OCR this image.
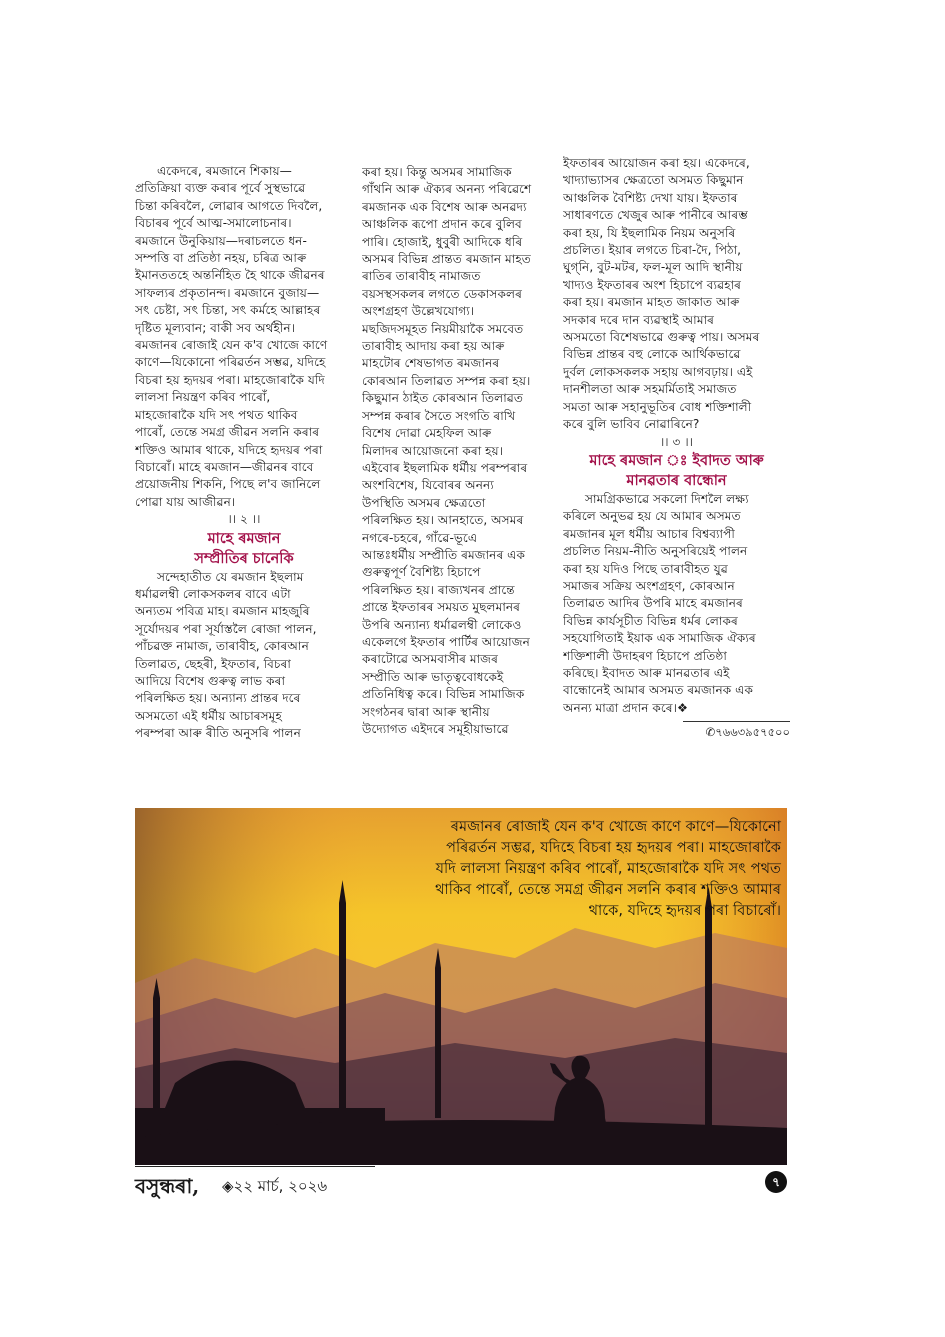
একেদৰে, ৰমজানে শিকায়—
প্ৰতিক্ৰিয়া ব্যক্ত কৰাৰ পূৰ্বে সুস্থভাৱে
চিন্তা কৰিবলৈ, লোৱাৰ আগতে দিবলৈ,
বিচাৰৰ পূৰ্বে আত্ম-সমালোচনাৰ।
ৰমজানে উনুকিয়ায়—দৰাচলতে ধন-
সম্পত্তি বা প্ৰতিষ্ঠা নহয়, চৰিত্ৰ আৰু
ইমানততহে অন্তৰ্নিহিত হৈ থাকে জীৱনৰ
সাফল্যৰ প্ৰকৃতানন্দ। ৰমজানে বুজায়—
সৎ চেষ্টা, সৎ চিন্তা, সৎ কৰ্মহে আল্লাহৰ
দৃষ্টিত মূল্যবান; বাকী সব অৰ্থহীন।
ৰমজানৰ ৰোজাই যেন ক'ব খোজে কাণে
কাণে—যিকোনো পৰিৱৰ্তন সম্ভৱ, যদিহে
বিচৰা হয় হৃদয়ৰ পৰা। মাহজোৰাকৈ যদি
লালসা নিয়ন্ত্ৰণ কৰিব পাৰোঁ,
মাহজোৰাকৈ যদি সৎ পথত থাকিব
পাৰোঁ, তেন্তে সমগ্ৰ জীৱন সলনি কৰাৰ
শক্তিও আমাৰ থাকে, যদিহে হৃদয়ৰ পৰা
বিচাৰোঁ। মাহে ৰমজান—জীৱনৰ বাবে
প্ৰয়োজনীয় শিকনি, পিছে ল'ব জানিলে
পোৱা যায় আজীৱন।
।। ২ ।।
মাহে ৰমজান
সম্প্ৰীতিৰ চানেকি
সন্দেহাতীত যে ৰমজান ইছলাম
ধৰ্মাৱলম্বী লোকসকলৰ বাবে এটা
অন্যতম পবিত্ৰ মাহ। ৰমজান মাহজুৰি
সূৰ্যোদয়ৰ পৰা সূৰ্যাস্তলৈ ৰোজা পালন,
পাঁচৱক্ত নামাজ, তাৰাবীহ, কোৰআন
তিলাৱত, ছেহৰী, ইফতাৰ, বিচৰা
আদিয়ে বিশেষ গুৰুত্ব লাভ কৰা
পৰিলক্ষিত হয়। অন্যান্য প্ৰান্তৰ দৰে
অসমতো এই ধৰ্মীয় আচাৰসমূহ
পৰম্পৰা আৰু ৰীতি অনুসৰি পালন
কৰা হয়। কিন্তু অসমৰ সামাজিক
গাঁথনি আৰু ঐক্যৰ অনন্য পৰিৱেশে
ৰমজানক এক বিশেষ আৰু অনৱদ্য
আঞ্চলিক ৰূপো প্ৰদান কৰে বুলিব
পাৰি। হোজাই, ধুবুৰী আদিকে ধৰি
অসমৰ বিভিন্ন প্ৰান্তত ৰমজান মাহত
ৰাতিৰ তাৰাবীহ নামাজত
বয়সস্থসকলৰ লগতে ডেকাসকলৰ
অংশগ্ৰহণ উল্লেখযোগ্য।
মছজিদসমূহত নিয়মীয়াকৈ সমবেত
তাৰাবীহ আদায় কৰা হয় আৰু
মাহটোৰ শেষভাগত ৰমজানৰ
কোৰআন তিলাৱত সম্পন্ন কৰা হয়।
কিছুমান ঠাইত কোৰআন তিলাৱত
সম্পন্ন কৰাৰ সৈতে সংগতি ৰাখি
বিশেষ দোৱা মেহফিল আৰু
মিলাদৰ আয়োজনো কৰা হয়।
এইবোৰ ইছলামিক ধৰ্মীয় পৰম্পৰাৰ
অংশবিশেষ, যিবোৰৰ অনন্য
উপস্থিতি অসমৰ ক্ষেত্ৰতো
পৰিলক্ষিত হয়। আনহাতে, অসমৰ
নগৰে-চহৰে, গাঁৱে-ভূএে
আন্তঃধৰ্মীয় সম্প্ৰীতি ৰমজানৰ এক
গুৰুত্বপূৰ্ণ বৈশিষ্ট্য হিচাপে
পৰিলক্ষিত হয়। ৰাজ্যখনৰ প্ৰান্তে
প্ৰান্তে ইফতাৰৰ সময়ত মুছলমানৰ
উপৰি অন্যান্য ধৰ্মাৱলম্বী লোকেও
একেলগে ইফতাৰ পাৰ্টিৰ আয়োজন
কৰাটোৱে অসমবাসীৰ মাজৰ
সম্প্ৰীতি আৰু ভাতৃত্ববোধকেই
প্ৰতিনিধিত্ব কৰে। বিভিন্ন সামাজিক
সংগঠনৰ দ্বাৰা আৰু স্থানীয়
উদ্যোগত এইদৰে সমূহীয়াভাৱে
ইফতাৰৰ আয়োজন কৰা হয়। একেদৰে,
খাদ্যাভ্যাসৰ ক্ষেত্ৰতো অসমত কিছুমান
আঞ্চলিক বৈশিষ্ট্য দেখা যায়। ইফতাৰ
সাধাৰণতে খেজুৰ আৰু পানীৰে আৰম্ভ
কৰা হয়, যি ইছলামিক নিয়ম অনুসৰি
প্ৰচলিত। ইয়াৰ লগতে চিৰা-দৈ, পিঠা,
ঘুগ্‌নি, বুট-মটৰ, ফল-মূল আদি স্থানীয়
খাদ্যও ইফতাৰৰ অংশ হিচাপে ব্যৱহাৰ
কৰা হয়। ৰমজান মাহত জাকাত আৰু
সদকাৰ দৰে দান ব্যৱস্থাই আমাৰ
অসমতো বিশেষভাৱে গুৰুত্ব পায়। অসমৰ
বিভিন্ন প্ৰান্তৰ বহু লোকে আৰ্থিকভাৱে
দুৰ্বল লোকসকলক সহায় আগবঢ়ায়। এই
দানশীলতা আৰু সহমৰ্মিতাই সমাজত
সমতা আৰু সহানুভূতিৰ বোধ শক্তিশালী
কৰে বুলি ভাবিব নোৱাৰিনে?
।। ৩ ।।
মাহে ৰমজান ঃ ইবাদত আৰু
মানৱতাৰ বান্ধোন
সামগ্ৰিকভাৱে সকলো দিশলৈ লক্ষ্য
কৰিলে অনুভৱ হয় যে আমাৰ অসমত
ৰমজানৰ মূল ধৰ্মীয় আচাৰ বিশ্বব্যাপী
প্ৰচলিত নিয়ম-নীতি অনুসৰিয়েই পালন
কৰা হয় যদিও পিছে তাৰাবীহত যুৱ
সমাজৰ সক্ৰিয় অংশগ্ৰহণ, কোৰআন
তিলাৱত আদিৰ উপৰি মাহে ৰমজানৰ
বিভিন্ন কাৰ্যসূচীত বিভিন্ন ধৰ্মৰ লোকৰ
সহযোগিতাই ইয়াক এক সামাজিক ঐক্যৰ
শক্তিশালী উদাহৰণ হিচাপে প্ৰতিষ্ঠা
কৰিছে। ইবাদত আৰু মানৱতাৰ এই
বান্ধোনেই আমাৰ অসমত ৰমজানক এক
অনন্য মাত্ৰা প্ৰদান কৰে।❖
✆৭৬৬৩৯৫৭৫০০
ৰমজানৰ ৰোজাই যেন ক'ব খোজে কাণে কাণে—যিকোনো
পৰিৱৰ্তন সম্ভৱ, যদিহে বিচৰা হয় হৃদয়ৰ পৰা। মাহজোৰাকৈ
যদি লালসা নিয়ন্ত্ৰণ কৰিব পাৰোঁ, মাহজোৰাকৈ যদি সৎ পথত
থাকিব পাৰোঁ, তেন্তে সমগ্ৰ জীৱন সলনি কৰাৰ শক্তিও আমাৰ
থাকে, যদিহে হৃদয়ৰ পৰা বিচাৰোঁ।
বসুন্ধৰা, ◈২২ মাৰ্চ, ২০২৬	৭
